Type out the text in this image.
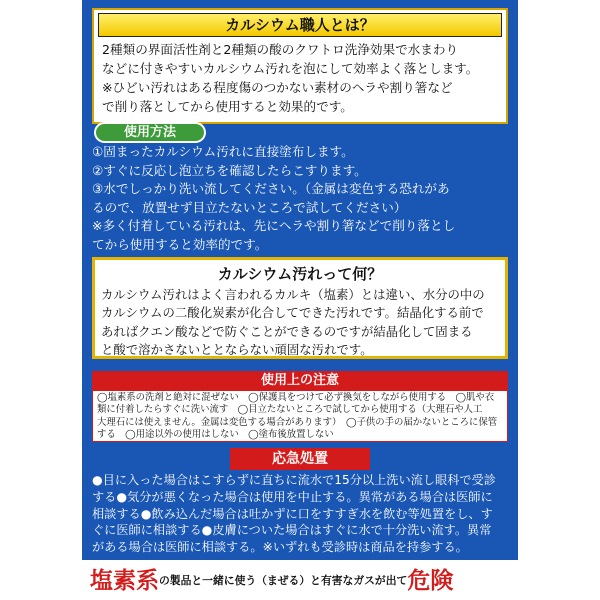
カルシウム職人とは？
2種類の界面活性剤と2種類の酸のクワトロ洗浄効果で水まわり
などに付きやすいカルシウム汚れを泡にして効率よく落とします。
※ひどい汚れはある程度傷のつかない素材のヘラや割り箸など
で削り落としてから使用すると効果的です。
使用方法
①固まったカルシウム汚れに直接塗布します。
②すぐに反応し泡立ちを確認したらこすります。
③水でしっかり洗い流してください。（金属は変色する恐れがあ
るので、放置せず目立たないところで試してください）
※多く付着している汚れは、先にヘラや割り箸などで削り落とし
てから使用すると効率的です。
カルシウム汚れって何？
カルシウム汚れはよく言われるカルキ（塩素）とは違い、水分の中の
カルシウムの二酸化炭素が化合してできた汚れです。結晶化する前で
あればクエン酸などで防ぐことができるのですが結晶化して固まる
と酸で溶かさないととならない頑固な汚れです。
使用上の注意
◯塩素系の洗剤と絶対に混ぜない　◯保護具をつけて必ず換気をしながら使用する　◯肌や衣
類に付着したらすぐに洗い流す　◯目立たないところで試してから使用する（大理石や人工
大理石には使えません。金属は変色する場合があります）　◯子供の手の届かないところに保管
する　◯用途以外の使用はしない　◯塗布後放置しない
応急処置
●目に入った場合はこすらずに直ちに流水で15分以上洗い流し眼科で受診
する●気分が悪くなった場合は使用を中止する。異常がある場合は医師に
相談する●飲み込んだ場合は吐かずに口をすすぎ水を飲む等処置をし、す
ぐに医師に相談する●皮膚についた場合はすぐに水で十分洗い流す。異常
がある場合は医師に相談する。※いずれも受診時は商品を持参する。
塩素系の製品と一緒に使う（まぜる）と有害なガスが出て危険
